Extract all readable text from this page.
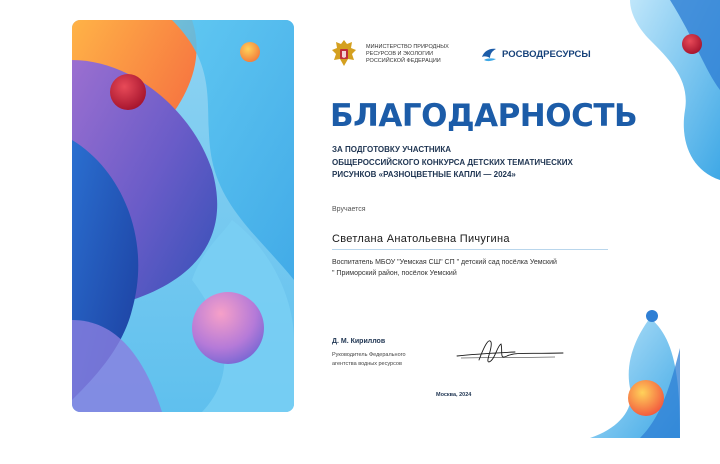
МИНИСТЕРСТВО ПРИРОДНЫХ
РЕСУРСОВ И ЭКОЛОГИИ
РОССИЙСКОЙ ФЕДЕРАЦИИ
РОСВОДРЕСУРСЫ
БЛАГОДАРНОСТЬ
ЗА ПОДГОТОВКУ УЧАСТНИКА
ОБЩЕРОССИЙСКОГО КОНКУРСА ДЕТСКИХ ТЕМАТИЧЕСКИХ
РИСУНКОВ «РАЗНОЦВЕТНЫЕ КАПЛИ — 2024»
Вручается
Светлана Анатольевна Пичугина
Воспитатель МБОУ "Уемская СШ" СП " детский сад посёлка Уемский
" Приморский район, посёлок Уемский
Д. М. Кириллов
Руководитель Федерального
агентства водных ресурсов
Москва, 2024
